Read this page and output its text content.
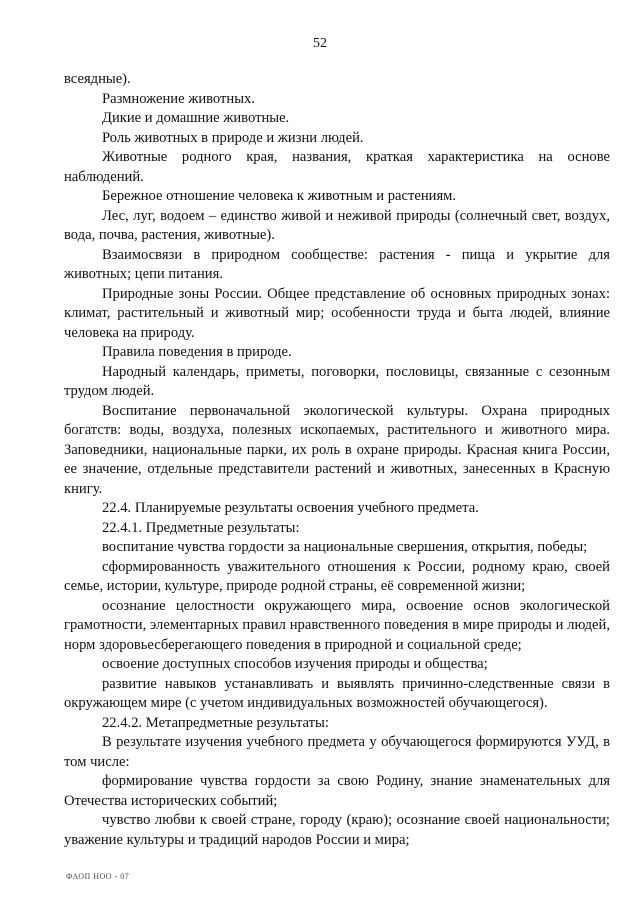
52

всеядные).

Размножение животных.

Дикие и домашние животные.

Роль животных в природе и жизни людей.

Животные родного края, названия, краткая характеристика на основе наблюдений.

Бережное отношение человека к животным и растениям.

Лес, луг, водоем – единство живой и неживой природы (солнечный свет, воздух, вода, почва, растения, животные).

Взаимосвязи в природном сообществе: растения - пища и укрытие для животных; цепи питания.

Природные зоны России. Общее представление об основных природных зонах: климат, растительный и животный мир; особенности труда и быта людей, влияние человека на природу.

Правила поведения в природе.

Народный календарь, приметы, поговорки, пословицы, связанные с сезонным трудом людей.

Воспитание первоначальной экологической культуры. Охрана природных богатств: воды, воздуха, полезных ископаемых, растительного и животного мира. Заповедники, национальные парки, их роль в охране природы. Красная книга России, ее значение, отдельные представители растений и животных, занесенных в Красную книгу.

22.4. Планируемые результаты освоения учебного предмета.

22.4.1. Предметные результаты:

воспитание чувства гордости за национальные свершения, открытия, победы;

сформированность уважительного отношения к России, родному краю, своей семье, истории, культуре, природе родной страны, её современной жизни;

осознание целостности окружающего мира, освоение основ экологической грамотности, элементарных правил нравственного поведения в мире природы и людей, норм здоровьесберегающего поведения в природной и социальной среде;

освоение доступных способов изучения природы и общества;

развитие навыков устанавливать и выявлять причинно-следственные связи в окружающем мире (с учетом индивидуальных возможностей обучающегося).

22.4.2. Метапредметные результаты:

В результате изучения учебного предмета у обучающегося формируются УУД, в том числе:

формирование чувства гордости за свою Родину, знание знаменательных для Отечества исторических событий;

чувство любви к своей стране, городу (краю); осознание своей национальности; уважение культуры и традиций народов России и мира;

ФАОП НОО - 07
